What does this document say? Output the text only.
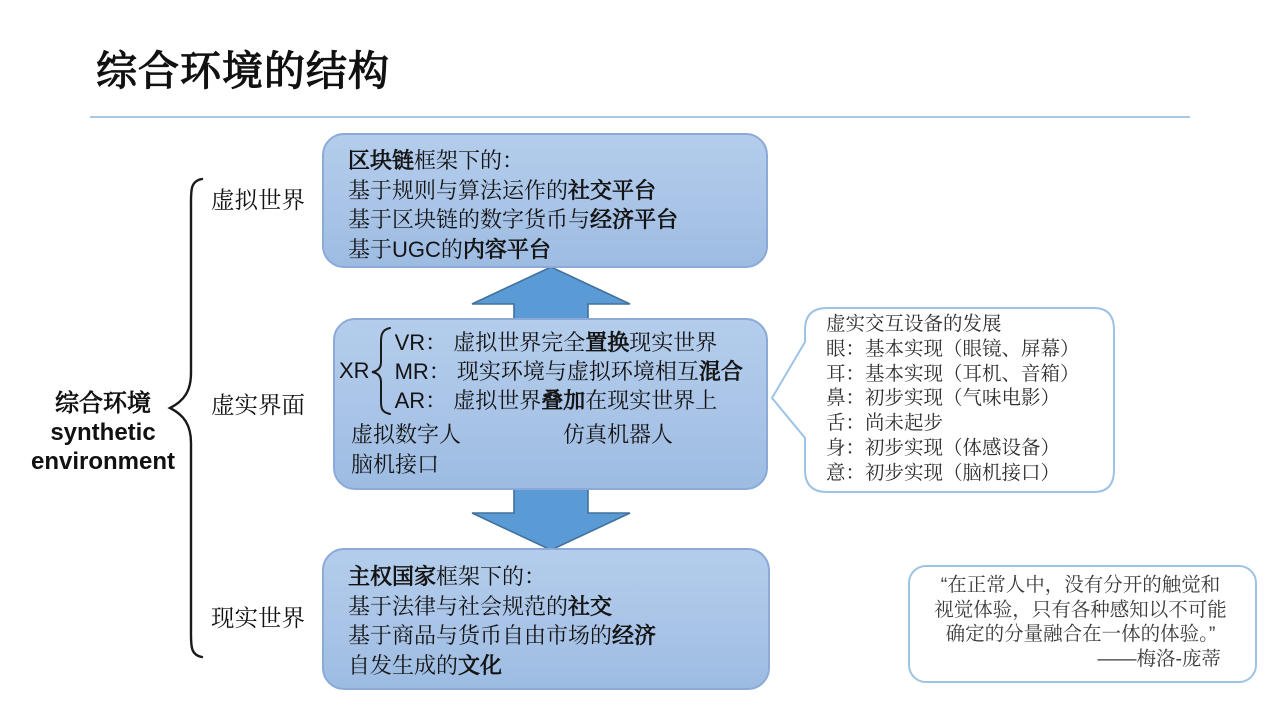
综合环境的结构
综合环境
synthetic
environment
虚拟世界
虚实界面
现实世界
区块链框架下的：
基于规则与算法运作的社交平台
基于区块链的数字货币与经济平台
基于UGC的内容平台
XR
VR： 虚拟世界完全置换现实世界
MR： 现实环境与虚拟环境相互混合
AR： 虚拟世界叠加在现实世界上
虚拟数字人	仿真机器人
脑机接口
主权国家框架下的：
基于法律与社会规范的社交
基于商品与货币自由市场的经济
自发生成的文化
虚实交互设备的发展
眼：基本实现（眼镜、屏幕）
耳：基本实现（耳机、音箱）
鼻：初步实现（气味电影）
舌：尚未起步
身：初步实现（体感设备）
意：初步实现（脑机接口）
“在正常人中，没有分开的触觉和
视觉体验，只有各种感知以不可能
确定的分量融合在一体的体验。”
——梅洛-庞蒂
